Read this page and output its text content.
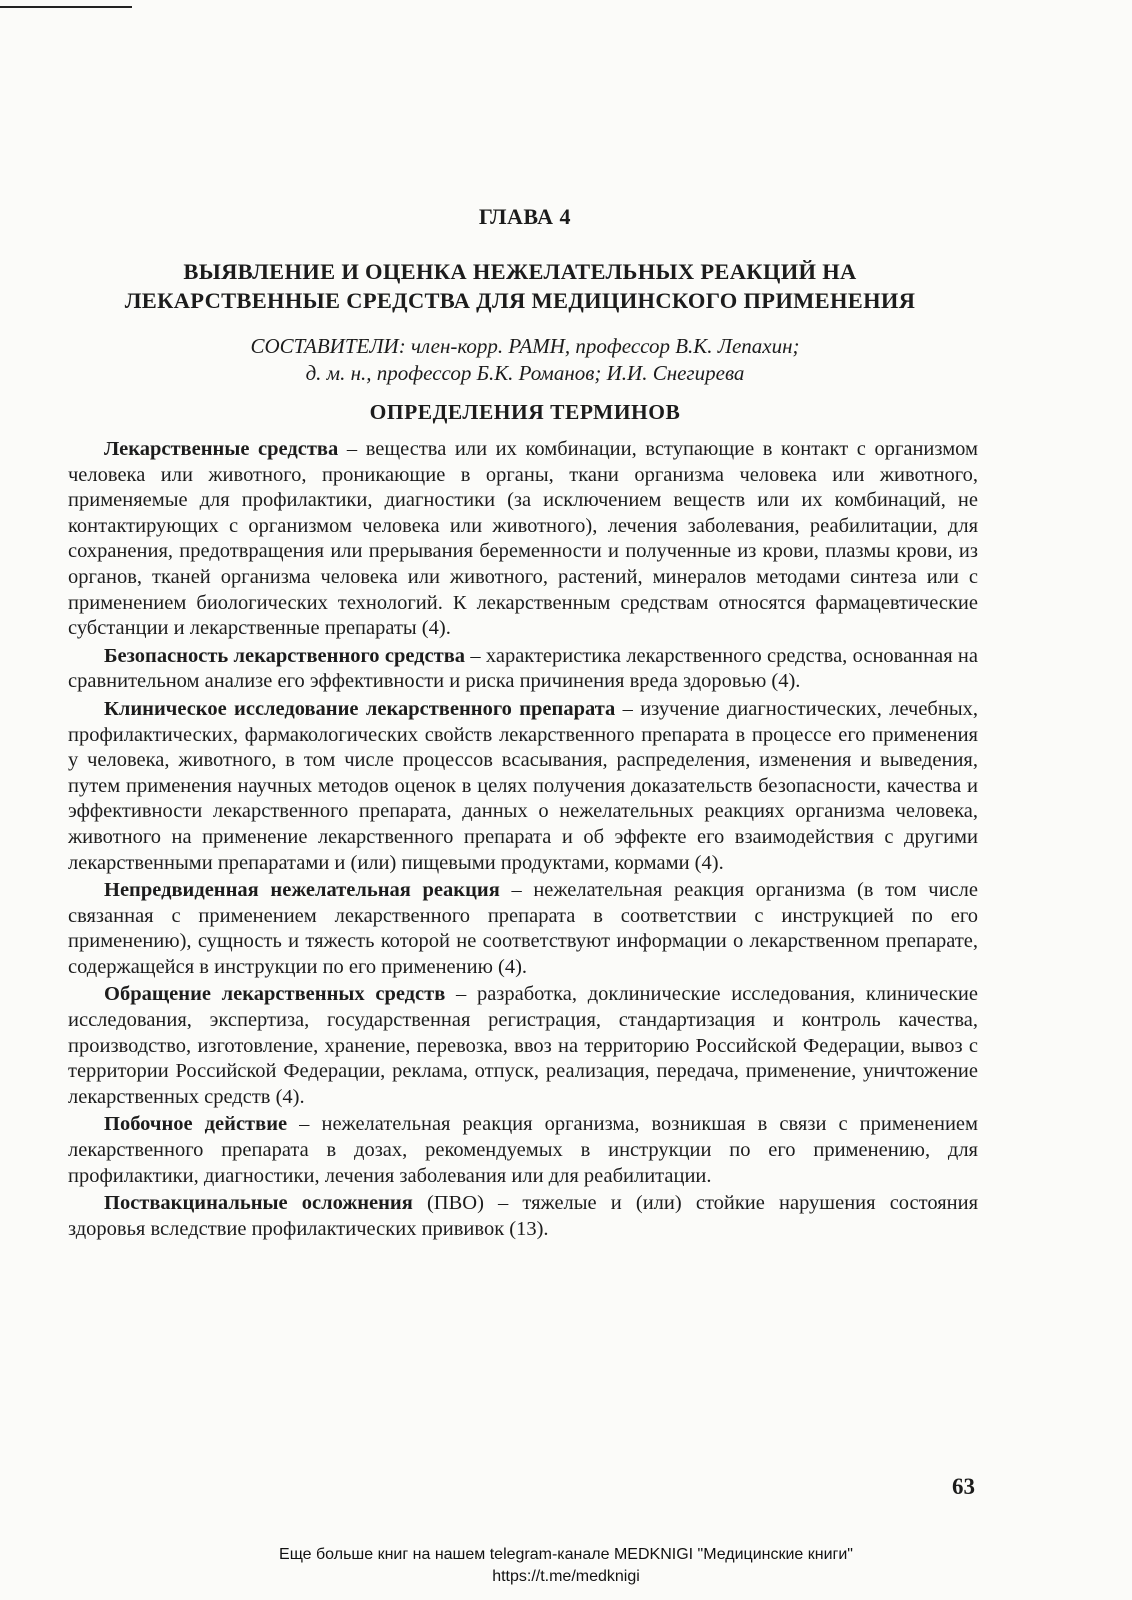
ГЛАВА 4
ВЫЯВЛЕНИЕ И ОЦЕНКА НЕЖЕЛАТЕЛЬНЫХ РЕАКЦИЙ НА
ЛЕКАРСТВЕННЫЕ СРЕДСТВА ДЛЯ МЕДИЦИНСКОГО ПРИМЕНЕНИЯ
СОСТАВИТЕЛИ: член-корр. РАМН, профессор В.К. Лепахин;
д. м. н., профессор Б.К. Романов; И.И. Снегирева
ОПРЕДЕЛЕНИЯ ТЕРМИНОВ

Лекарственные средства – вещества или их комбинации, вступающие в контакт с организмом человека или животного, проникающие в органы, ткани организма человека или животного, применяемые для профилактики, диагностики (за исключением веществ или их комбинаций, не контактирующих с организмом человека или животного), лечения заболевания, реабилитации, для сохранения, предотвращения или прерывания беременности и полученные из крови, плазмы крови, из органов, тканей организма человека или животного, растений, минералов методами синтеза или с применением биологических технологий. К лекарственным средствам относятся фармацевтические субстанции и лекарственные препараты (4).

Безопасность лекарственного средства – характеристика лекарственного средства, основанная на сравнительном анализе его эффективности и риска причинения вреда здоровью (4).

Клиническое исследование лекарственного препарата – изучение диагностических, лечебных, профилактических, фармакологических свойств лекарственного препарата в процессе его применения у человека, животного, в том числе процессов всасывания, распределения, изменения и выведения, путем применения научных методов оценок в целях получения доказательств безопасности, качества и эффективности лекарственного препарата, данных о нежелательных реакциях организма человека, животного на применение лекарственного препарата и об эффекте его взаимодействия с другими лекарственными препаратами и (или) пищевыми продуктами, кормами (4).

Непредвиденная нежелательная реакция – нежелательная реакция организма (в том числе связанная с применением лекарственного препарата в соответствии с инструкцией по его применению), сущность и тяжесть которой не соответствуют информации о лекарственном препарате, содержащейся в инструкции по его применению (4).

Обращение лекарственных средств – разработка, доклинические исследования, клинические исследования, экспертиза, государственная регистрация, стандартизация и контроль качества, производство, изготовление, хранение, перевозка, ввоз на территорию Российской Федерации, вывоз с территории Российской Федерации, реклама, отпуск, реализация, передача, применение, уничтожение лекарственных средств (4).

Побочное действие – нежелательная реакция организма, возникшая в связи с применением лекарственного препарата в дозах, рекомендуемых в инструкции по его применению, для профилактики, диагностики, лечения заболевания или для реабилитации.

Поствакцинальные осложнения (ПВО) – тяжелые и (или) стойкие нарушения состояния здоровья вследствие профилактических прививок (13).

63
Еще больше книг на нашем telegram-канале MEDKNIGI "Медицинские книги"
https://t.me/medknigi
